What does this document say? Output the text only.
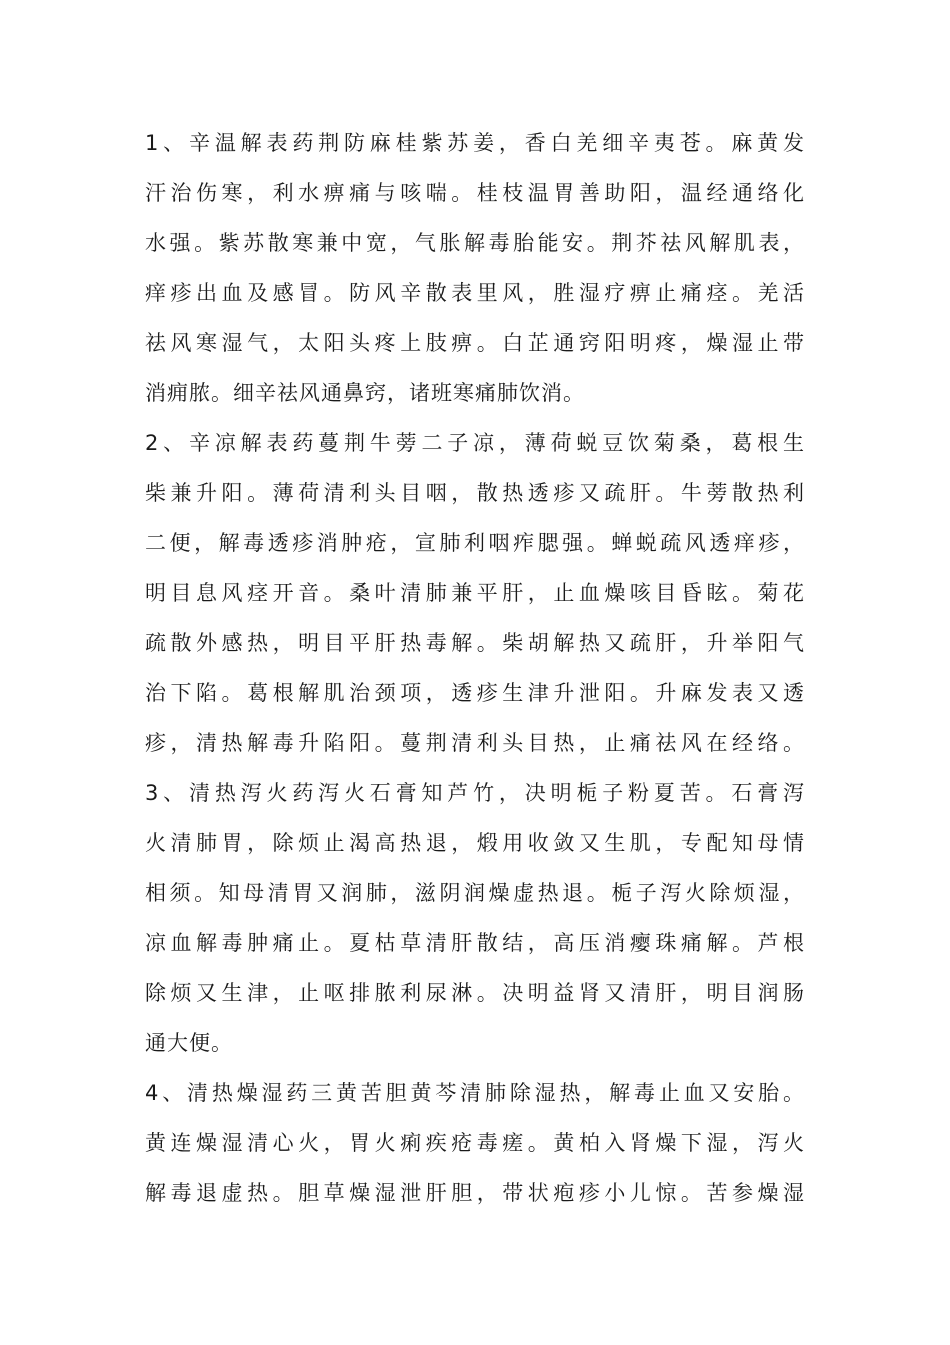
1、辛温解表药荆防麻桂紫苏姜，香白羌细辛夷苍。麻黄发
汗治伤寒，利水痹痛与咳喘。桂枝温胃善助阳，温经通络化
水强。紫苏散寒兼中宽，气胀解毒胎能安。荆芥祛风解肌表，
痒疹出血及感冒。防风辛散表里风，胜湿疗痹止痛痉。羌活
祛风寒湿气，太阳头疼上肢痹。白芷通窍阳明疼，燥湿止带
消痈脓。细辛祛风通鼻窍，诸班寒痛肺饮消。
2、辛凉解表药蔓荆牛蒡二子凉，薄荷蜕豆饮菊桑，葛根生
柴兼升阳。薄荷清利头目咽，散热透疹又疏肝。牛蒡散热利
二便，解毒透疹消肿疮，宣肺利咽痄腮强。蝉蜕疏风透痒疹，
明目息风痉开音。桑叶清肺兼平肝，止血燥咳目昏眩。菊花
疏散外感热，明目平肝热毒解。柴胡解热又疏肝，升举阳气
治下陷。葛根解肌治颈项，透疹生津升泄阳。升麻发表又透
疹，清热解毒升陷阳。蔓荆清利头目热，止痛祛风在经络。
3、清热泻火药泻火石膏知芦竹，决明栀子粉夏苦。石膏泻
火清肺胃，除烦止渴高热退，煅用收敛又生肌，专配知母情
相须。知母清胃又润肺，滋阴润燥虚热退。栀子泻火除烦湿，
凉血解毒肿痛止。夏枯草清肝散结，高压消瘿珠痛解。芦根
除烦又生津，止呕排脓利尿淋。决明益肾又清肝，明目润肠
通大便。
4、清热燥湿药三黄苦胆黄芩清肺除湿热，解毒止血又安胎。
黄连燥湿清心火，胃火痢疾疮毒瘥。黄柏入肾燥下湿，泻火
解毒退虚热。胆草燥湿泄肝胆，带状疱疹小儿惊。苦参燥湿
